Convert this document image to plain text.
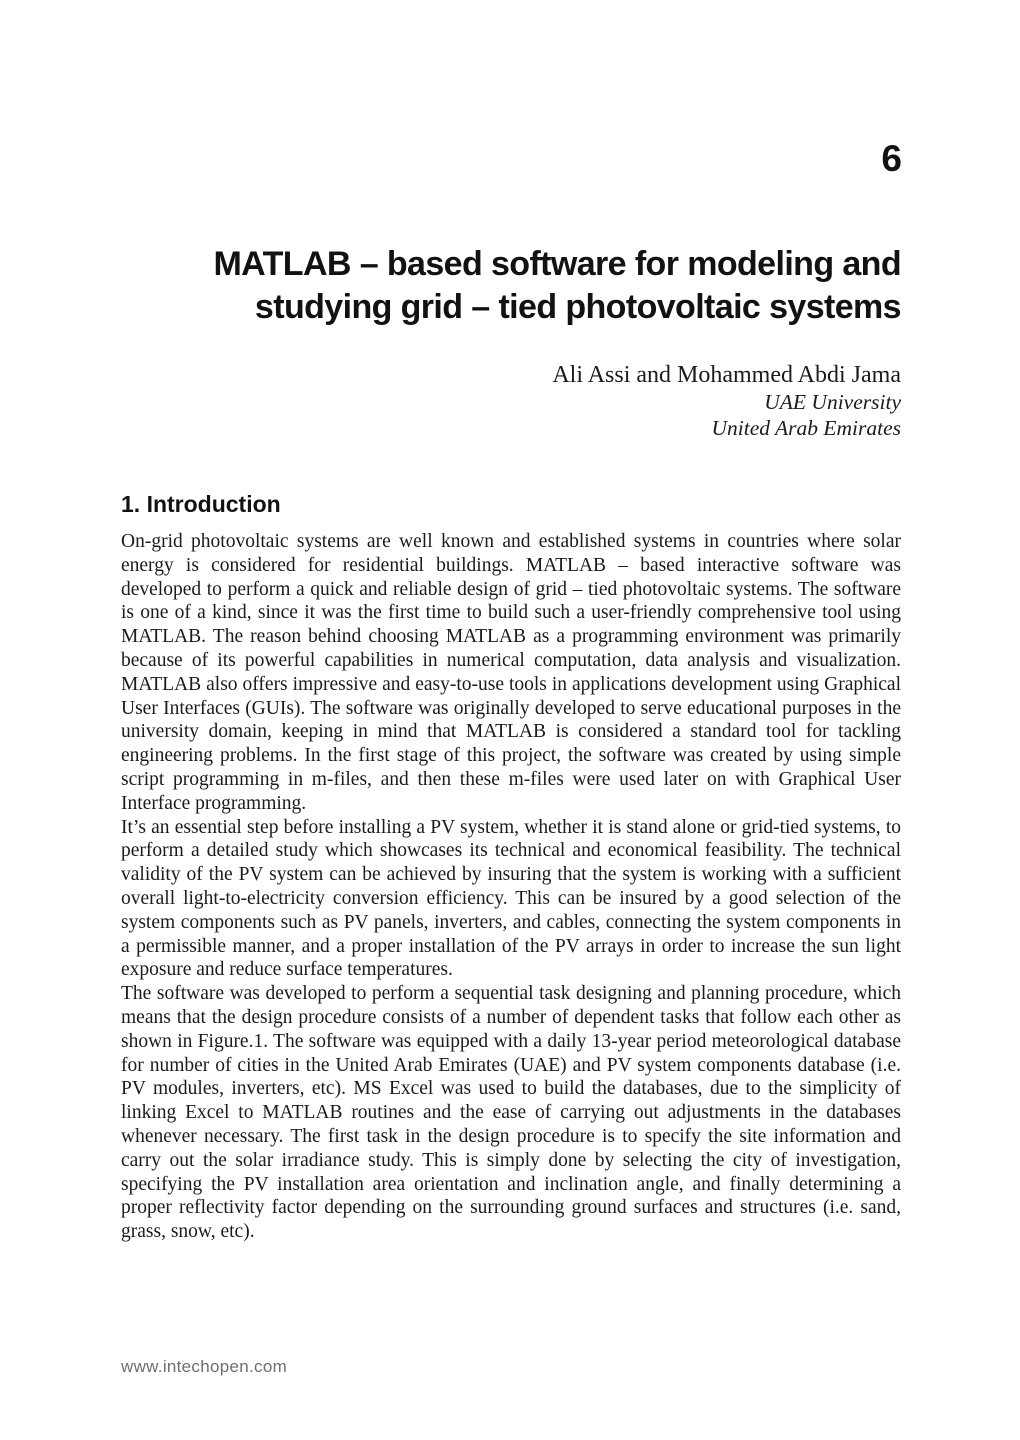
6
MATLAB – based software for modeling and
studying grid – tied photovoltaic systems
Ali Assi and Mohammed Abdi Jama
UAE University
United Arab Emirates
1. Introduction

On-grid photovoltaic systems are well known and established systems in countries where solar energy is considered for residential buildings. MATLAB – based interactive software was developed to perform a quick and reliable design of grid – tied photovoltaic systems. The software is one of a kind, since it was the first time to build such a user-friendly comprehensive tool using MATLAB. The reason behind choosing MATLAB as a programming environment was primarily because of its powerful capabilities in numerical computation, data analysis and visualization. MATLAB also offers impressive and easy-to-use tools in applications development using Graphical User Interfaces (GUIs). The software was originally developed to serve educational purposes in the university domain, keeping in mind that MATLAB is considered a standard tool for tackling engineering problems. In the first stage of this project, the software was created by using simple script programming in m-files, and then these m-files were used later on with Graphical User Interface programming.

It’s an essential step before installing a PV system, whether it is stand alone or grid-tied systems, to perform a detailed study which showcases its technical and economical feasibility. The technical validity of the PV system can be achieved by insuring that the system is working with a sufficient overall light-to-electricity conversion efficiency. This can be insured by a good selection of the system components such as PV panels, inverters, and cables, connecting the system components in a permissible manner, and a proper installation of the PV arrays in order to increase the sun light exposure and reduce surface temperatures.

The software was developed to perform a sequential task designing and planning procedure, which means that the design procedure consists of a number of dependent tasks that follow each other as shown in Figure.1. The software was equipped with a daily 13-year period meteorological database for number of cities in the United Arab Emirates (UAE) and PV system components database (i.e. PV modules, inverters, etc). MS Excel was used to build the databases, due to the simplicity of linking Excel to MATLAB routines and the ease of carrying out adjustments in the databases whenever necessary. The first task in the design procedure is to specify the site information and carry out the solar irradiance study. This is simply done by selecting the city of investigation, specifying the PV installation area orientation and inclination angle, and finally determining a proper reflectivity factor depending on the surrounding ground surfaces and structures (i.e. sand, grass, snow, etc).

www.intechopen.com
